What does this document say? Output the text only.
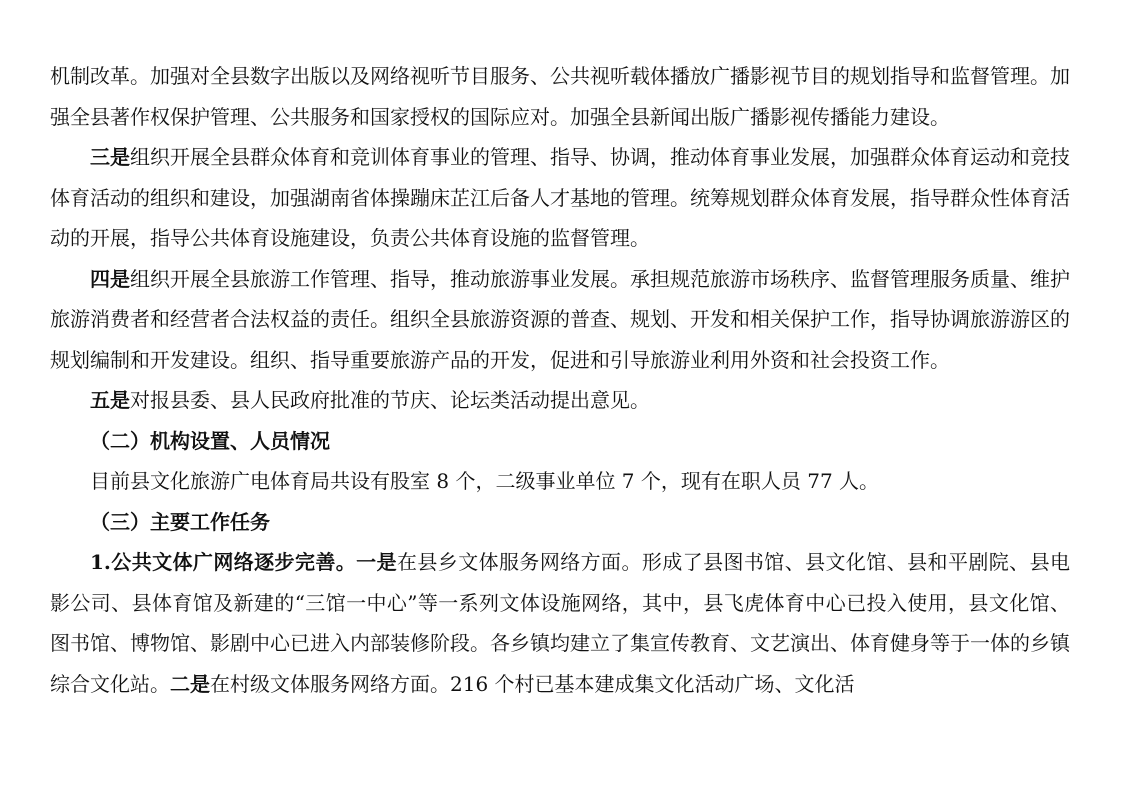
机制改革。加强对全县数字出版以及网络视听节目服务、公共视听载体播放广播影视节目的规划指导和监督管理。加强全县著作权保护管理、公共服务和国家授权的国际应对。加强全县新闻出版广播影视传播能力建设。

三是组织开展全县群众体育和竞训体育事业的管理、指导、协调，推动体育事业发展，加强群众体育运动和竞技体育活动的组织和建设，加强湖南省体操蹦床芷江后备人才基地的管理。统筹规划群众体育发展，指导群众性体育活动的开展，指导公共体育设施建设，负责公共体育设施的监督管理。

四是组织开展全县旅游工作管理、指导，推动旅游事业发展。承担规范旅游市场秩序、监督管理服务质量、维护旅游消费者和经营者合法权益的责任。组织全县旅游资源的普查、规划、开发和相关保护工作，指导协调旅游游区的规划编制和开发建设。组织、指导重要旅游产品的开发，促进和引导旅游业利用外资和社会投资工作。

五是对报县委、县人民政府批准的节庆、论坛类活动提出意见。

（二）机构设置、人员情况

目前县文化旅游广电体育局共设有股室 8 个，二级事业单位 7 个，现有在职人员 77 人。

（三）主要工作任务

1.公共文体广网络逐步完善。一是在县乡文体服务网络方面。形成了县图书馆、县文化馆、县和平剧院、县电影公司、县体育馆及新建的“三馆一中心”等一系列文体设施网络，其中，县飞虎体育中心已投入使用，县文化馆、图书馆、博物馆、影剧中心已进入内部装修阶段。各乡镇均建立了集宣传教育、文艺演出、体育健身等于一体的乡镇综合文化站。二是在村级文体服务网络方面。216 个村已基本建成集文化活动广场、文化活
